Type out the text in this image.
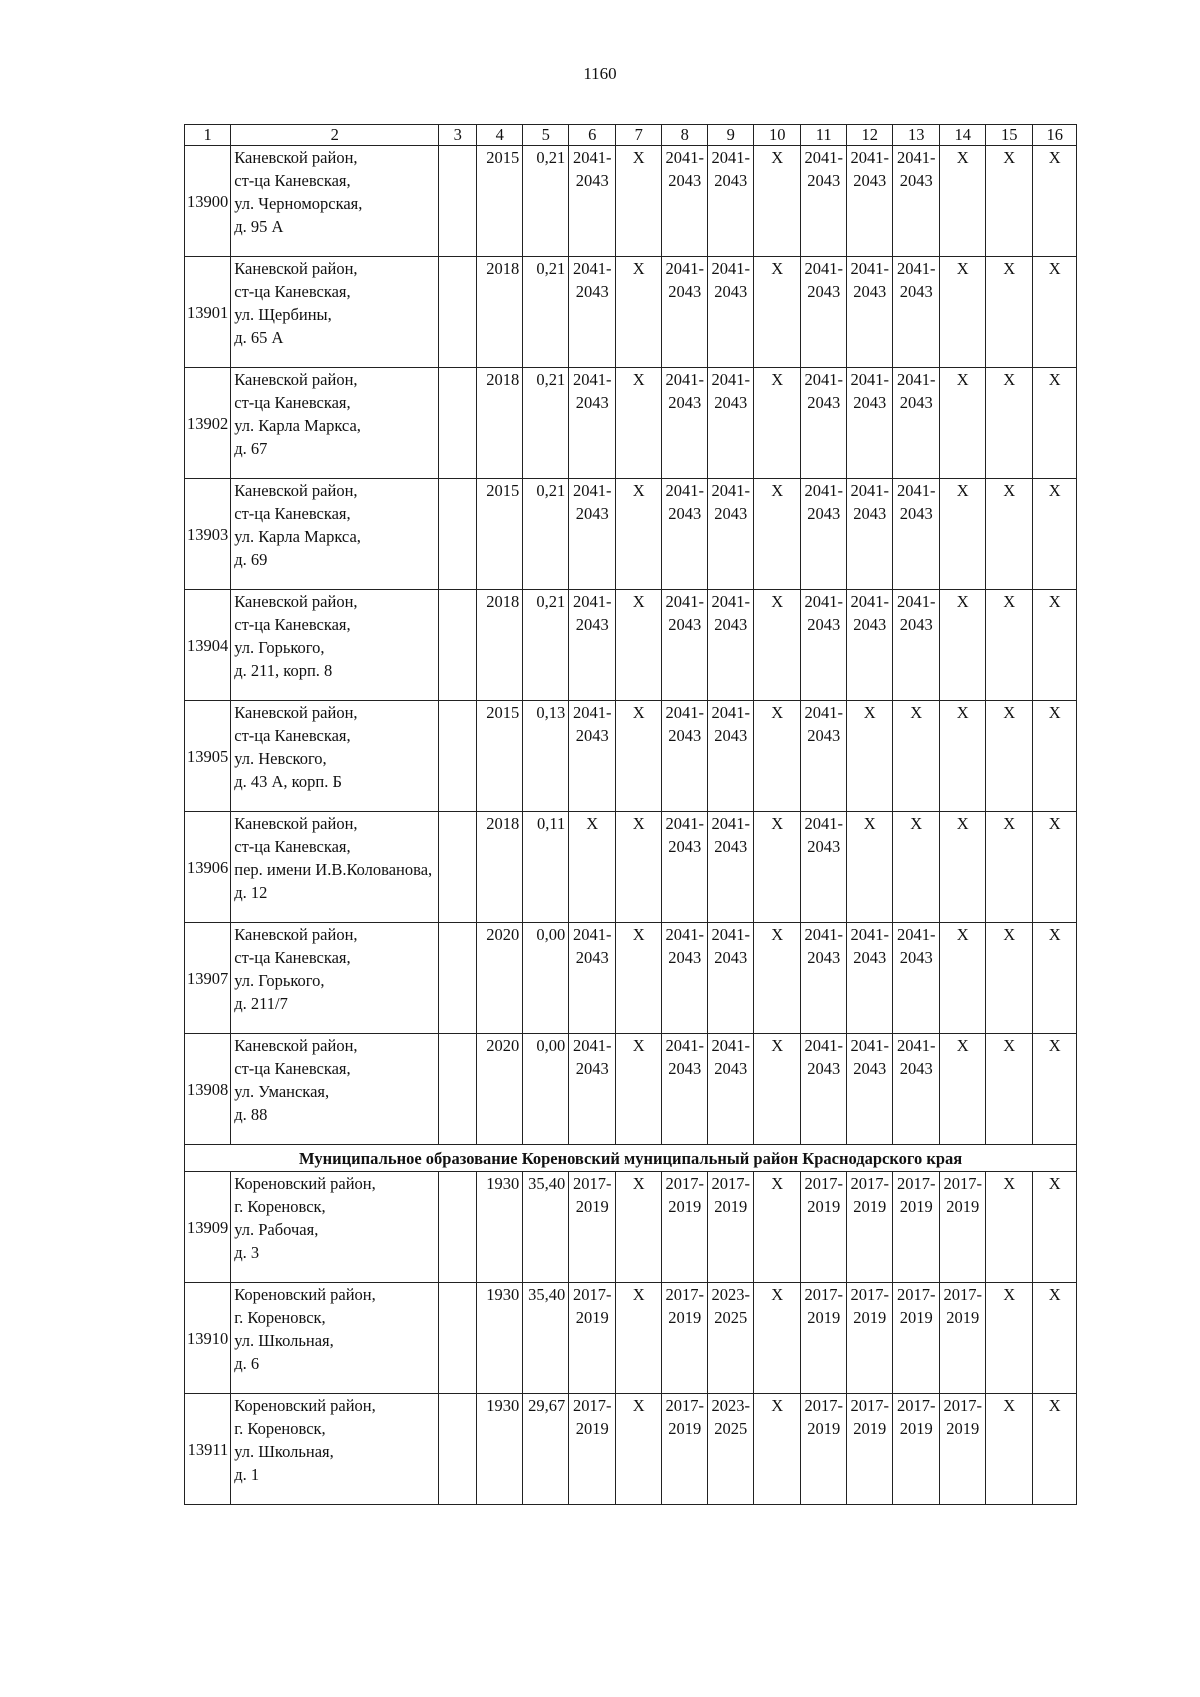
1160
1	2	3	4	5	6	7	8	9	10	11	12	13	14	15	16
13900	Каневской район,
ст-ца Каневская,
ул. Черноморская,
д. 95 А		2015	0,21	2041-
2043	X	2041-
2043	2041-
2043	X	2041-
2043	2041-
2043	2041-
2043	X	X	X
13901	Каневской район,
ст-ца Каневская,
ул. Щербины,
д. 65 А		2018	0,21	2041-
2043	X	2041-
2043	2041-
2043	X	2041-
2043	2041-
2043	2041-
2043	X	X	X
13902	Каневской район,
ст-ца Каневская,
ул. Карла Маркса,
д. 67		2018	0,21	2041-
2043	X	2041-
2043	2041-
2043	X	2041-
2043	2041-
2043	2041-
2043	X	X	X
13903	Каневской район,
ст-ца Каневская,
ул. Карла Маркса,
д. 69		2015	0,21	2041-
2043	X	2041-
2043	2041-
2043	X	2041-
2043	2041-
2043	2041-
2043	X	X	X
13904	Каневской район,
ст-ца Каневская,
ул. Горького,
д. 211, корп. 8		2018	0,21	2041-
2043	X	2041-
2043	2041-
2043	X	2041-
2043	2041-
2043	2041-
2043	X	X	X
13905	Каневской район,
ст-ца Каневская,
ул. Невского,
д. 43 А, корп. Б		2015	0,13	2041-
2043	X	2041-
2043	2041-
2043	X	2041-
2043	X	X	X	X	X
13906	Каневской район,
ст-ца Каневская,
пер. имени И.В.Колованова,
д. 12		2018	0,11	X	X	2041-
2043	2041-
2043	X	2041-
2043	X	X	X	X	X
13907	Каневской район,
ст-ца Каневская,
ул. Горького,
д. 211/7		2020	0,00	2041-
2043	X	2041-
2043	2041-
2043	X	2041-
2043	2041-
2043	2041-
2043	X	X	X
13908	Каневской район,
ст-ца Каневская,
ул. Уманская,
д. 88		2020	0,00	2041-
2043	X	2041-
2043	2041-
2043	X	2041-
2043	2041-
2043	2041-
2043	X	X	X
Муниципальное образование Кореновский муниципальный район Краснодарского края															
13909	Кореновский район,
г. Кореновск,
ул. Рабочая,
д. 3		1930	35,40	2017-
2019	X	2017-
2019	2017-
2019	X	2017-
2019	2017-
2019	2017-
2019	2017-
2019	X	X
13910	Кореновский район,
г. Кореновск,
ул. Школьная,
д. 6		1930	35,40	2017-
2019	X	2017-
2019	2023-
2025	X	2017-
2019	2017-
2019	2017-
2019	2017-
2019	X	X
13911	Кореновский район,
г. Кореновск,
ул. Школьная,
д. 1		1930	29,67	2017-
2019	X	2017-
2019	2023-
2025	X	2017-
2019	2017-
2019	2017-
2019	2017-
2019	X	X
